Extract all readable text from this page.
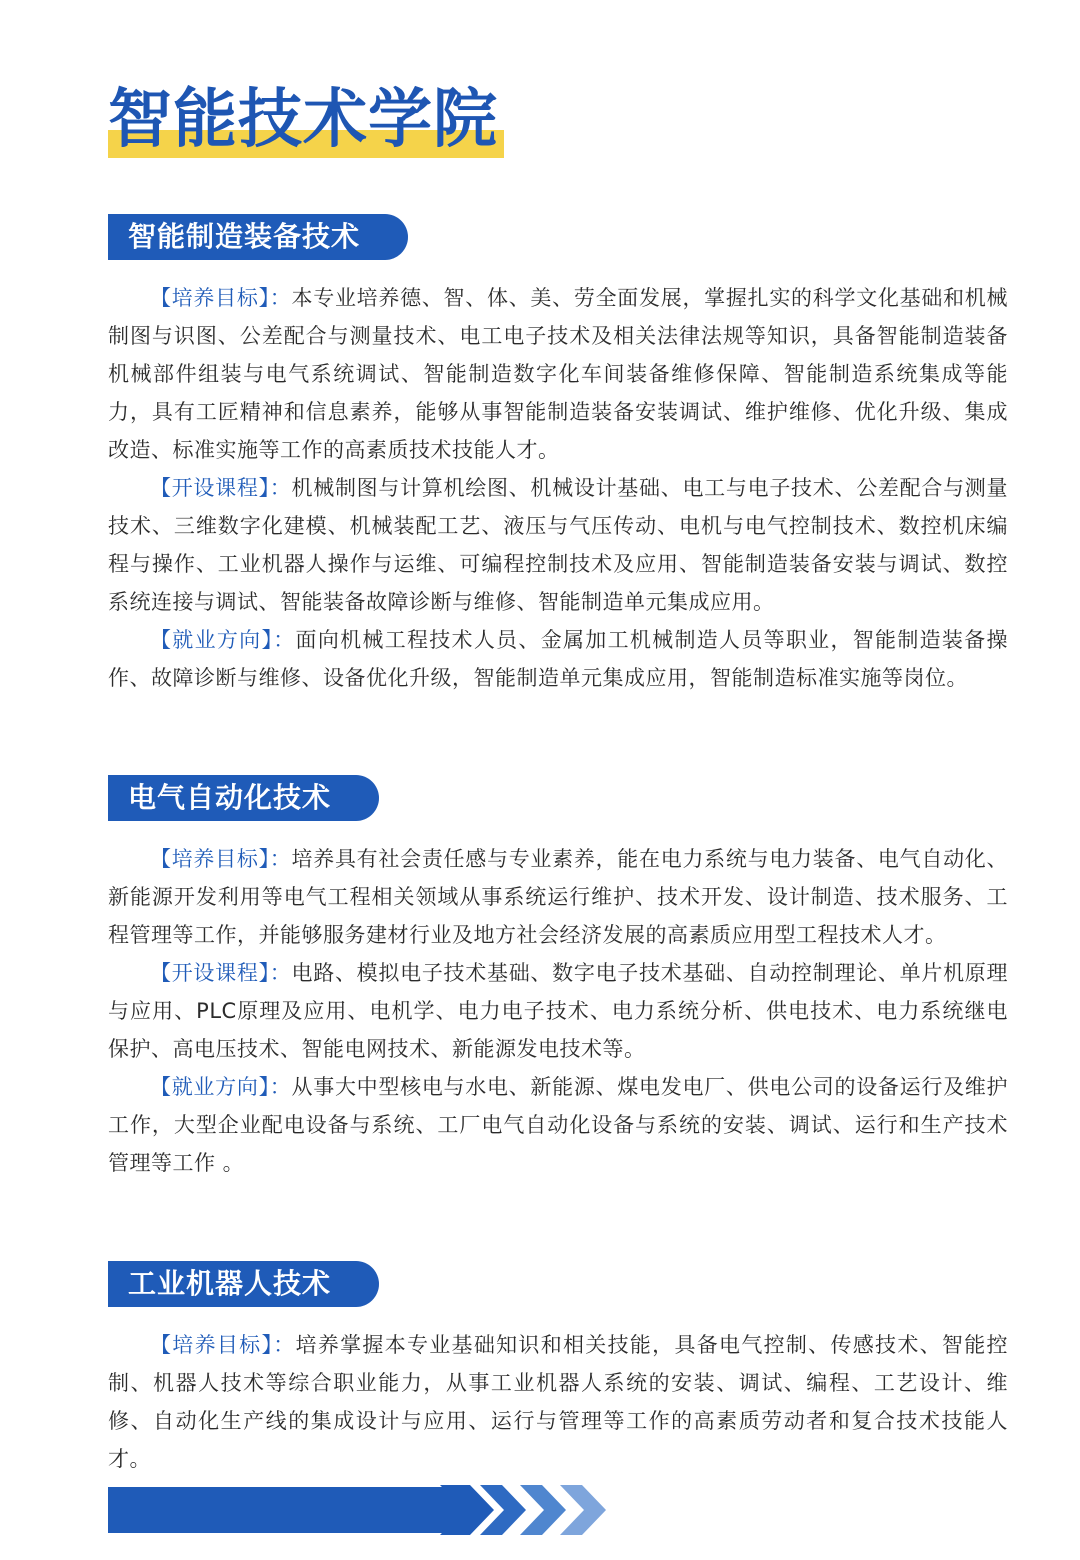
智能技术学院
智能制造装备技术

【培养目标】：本专业培养德、智、体、美、劳全面发展，掌握扎实的科学文化基础和机械制图与识图、公差配合与测量技术、电工电子技术及相关法律法规等知识，具备智能制造装备机械部件组装与电气系统调试、智能制造数字化车间装备维修保障、智能制造系统集成等能力，具有工匠精神和信息素养，能够从事智能制造装备安装调试、维护维修、优化升级、集成改造、标准实施等工作的高素质技术技能人才。

【开设课程】：机械制图与计算机绘图、机械设计基础、电工与电子技术、公差配合与测量技术、三维数字化建模、机械装配工艺、液压与气压传动、电机与电气控制技术、数控机床编程与操作、工业机器人操作与运维、可编程控制技术及应用、智能制造装备安装与调试、数控系统连接与调试、智能装备故障诊断与维修、智能制造单元集成应用。

【就业方向】：面向机械工程技术人员、金属加工机械制造人员等职业，智能制造装备操作、故障诊断与维修、设备优化升级，智能制造单元集成应用，智能制造标准实施等岗位。

电气自动化技术

【培养目标】：培养具有社会责任感与专业素养，能在电力系统与电力装备、电气自动化、新能源开发利用等电气工程相关领域从事系统运行维护、技术开发、设计制造、技术服务、工程管理等工作，并能够服务建材行业及地方社会经济发展的高素质应用型工程技术人才。

【开设课程】：电路、模拟电子技术基础、数字电子技术基础、自动控制理论、单片机原理与应用、PLC原理及应用、电机学、电力电子技术、电力系统分析、供电技术、电力系统继电保护、高电压技术、智能电网技术、新能源发电技术等。

【就业方向】：从事大中型核电与水电、新能源、煤电发电厂、供电公司的设备运行及维护工作，大型企业配电设备与系统、工厂电气自动化设备与系统的安装、调试、运行和生产技术管理等工作 。

工业机器人技术

【培养目标】：培养掌握本专业基础知识和相关技能，具备电气控制、传感技术、智能控制、机器人技术等综合职业能力，从事工业机器人系统的安装、调试、编程、工艺设计、维修、自动化生产线的集成设计与应用、运行与管理等工作的高素质劳动者和复合技术技能人才。
